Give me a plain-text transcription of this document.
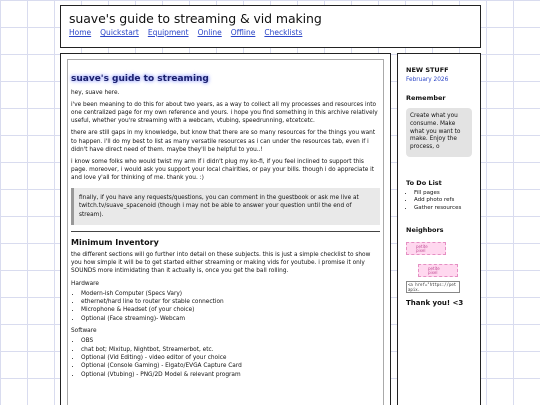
suave's guide to streaming & vid making
Home Quickstart Equipment Online Offline Checklists
suave's guide to streaming

hey, suave here.

i've been meaning to do this for about two years, as a way to collect all my processes and resources into one centralized page for my own reference and yours. i hope you find something in this archive relatively useful, whether you're streaming with a webcam, vtubing, speedrunning, etcetcetc.

there are still gaps in my knowledge, but know that there are so many resources for the things you want to happen. i'll do my best to list as many versatile resources as i can under the resources tab, even if i didn't have direct need of them. maybe they'll be helpful to you..!

i know some folks who would twist my arm if i didn't plug my ko-fi, if you feel inclined to support this page. moreover, i would ask you support your local chairities, or pay your bills. though i do appreciate it and love y'all for thinking of me. thank you. :)

finally, if you have any requests/questions, you can comment in the guestbook or ask me live at twitch.tv/suave_spacenoid (though i may not be able to answer your question until the end of stream).
Minimum Inventory

the different sections will go further into detail on these subjects. this is just a simple checklist to show you how simple it will be to get started either streaming or making vids for youtube. i promise it only SOUNDS more intimidating than it actually is, once you get the ball rolling.

Hardware
• Modern-ish Computer (Specs Vary)
• ethernet/hard line to router for stable connection
• Microphone & Headset (of your choice)
• Optional (Face streaming)- Webcam
Software
• OBS
• chat bot; Mixitup, Nightbot, Streamerbot, etc.
• Optional (Vid Editing) - video editor of your choice
• Optional (Console Gaming) - Elgato/EVGA Capture Card
• Optional (Vtubing) - PNG/2D Model & relevant program
NEW STUFF
February 2026
Remember
Create what you consume. Make what you want to make. Enjoy the process, o
To Do List
• Fill pages
• Add photo refs
• Gather resources
Neighbors
petite
pixel
petite
pixel
<a href="https://petapix.
Thank you! <3
